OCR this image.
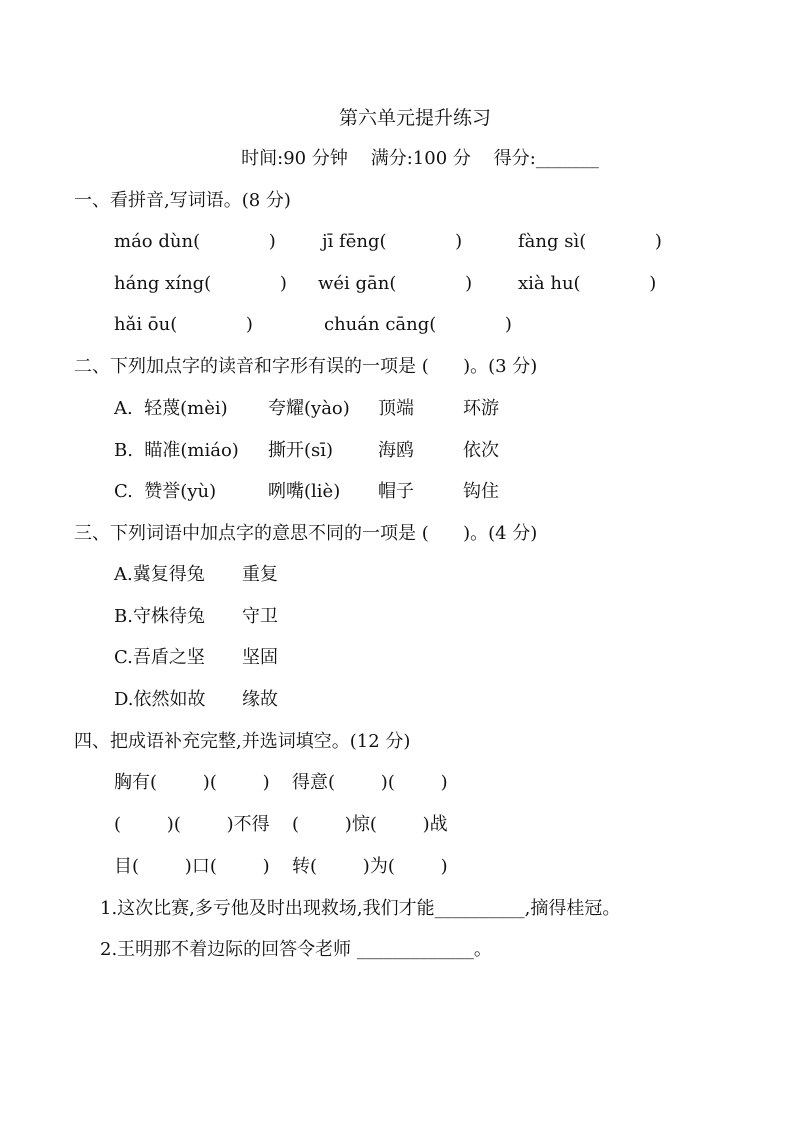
第六单元提升练习
时间:90 分钟    满分:100 分    得分:_______
一、看拼音,写词语。(8 分)
máo dùn(            )	jī fēng(            )	fàng sì(            )
háng xíng(            ) wéi gān(            )	xià hu(            )
hǎi ōu(            )	chuán cāng(            )
二、下列加点字的读音和字形有误的一项是 (      )。(3 分)
A.  轻蔑(mèi) 夸耀(yào) 顶端	环游
B.  瞄准(miáo) 撕开(sī) 海鸥	依次
C.  赞誉(yù)	咧嘴(liè) 帽子	钩住
三、下列词语中加点字的意思不同的一项是 (      )。(4 分)
A.冀复得兔 重复
B.守株待兔 守卫
C.吾盾之坚 坚固
D.依然如故 缘故
四、把成语补充完整,并选词填空。(12 分)
胸有(        )(        ) 得意(        )(        )
(        )(        )不得 (        )惊(        )战
目(        )口(        ) 转(        )为(        )
1.这次比赛,多亏他及时出现救场,我们才能__________,摘得桂冠。
2.王明那不着边际的回答令老师 _____________。
